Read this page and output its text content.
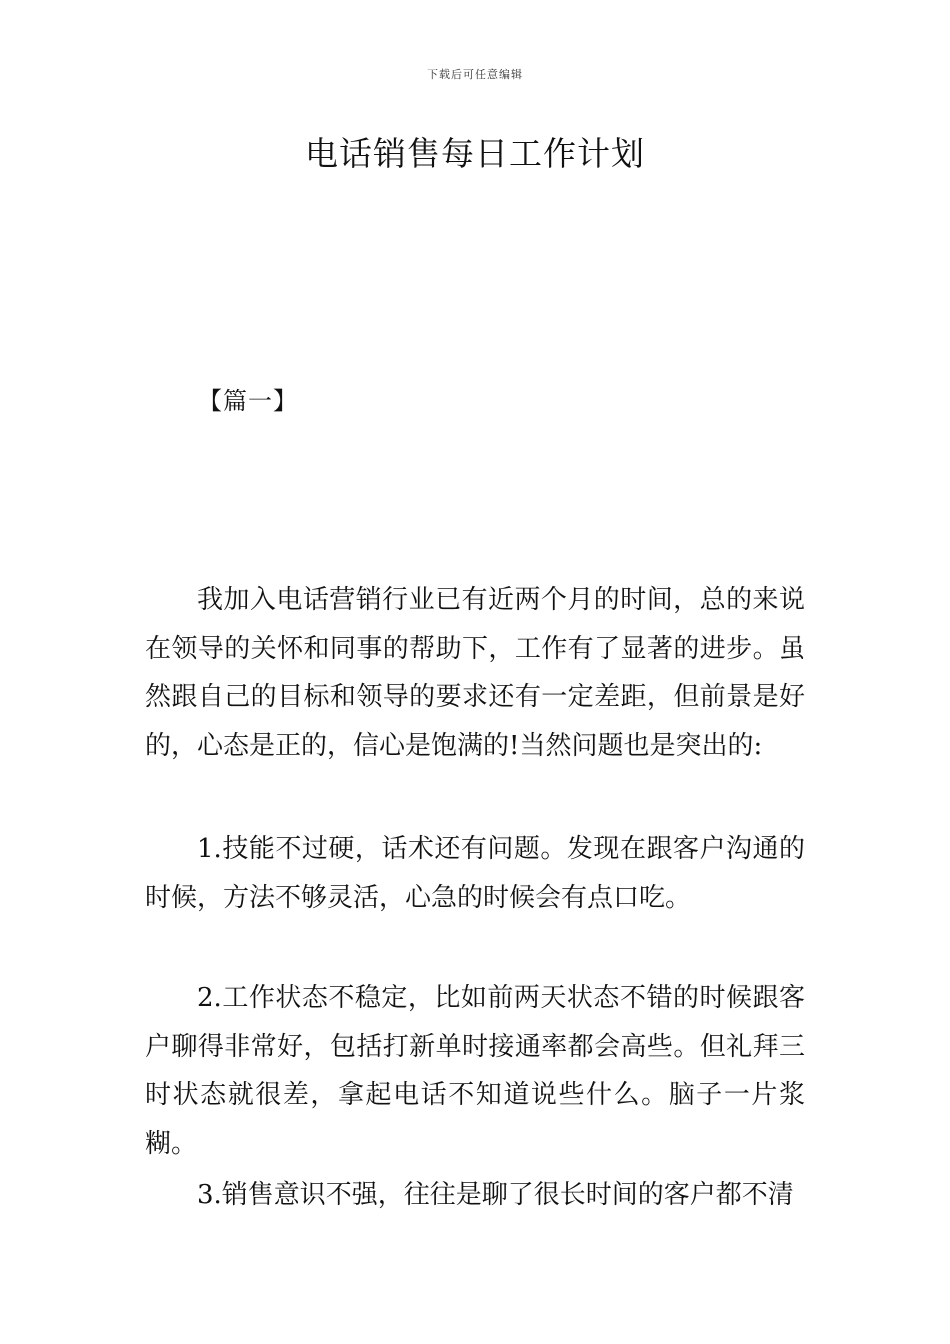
下载后可任意编辑
电话销售每日工作计划
【篇一】

我加入电话营销行业已有近两个月的时间，总的来说在领导的关怀和同事的帮助下，工作有了显著的进步。虽然跟自己的目标和领导的要求还有一定差距，但前景是好的，心态是正的，信心是饱满的!当然问题也是突出的:

1.技能不过硬，话术还有问题。发现在跟客户沟通的时候，方法不够灵活，心急的时候会有点口吃。

2.工作状态不稳定，比如前两天状态不错的时候跟客户聊得非常好，包括打新单时接通率都会高些。但礼拜三时状态就很差，拿起电话不知道说些什么。脑子一片浆糊。

3.销售意识不强，往往是聊了很长时间的客户都不清
